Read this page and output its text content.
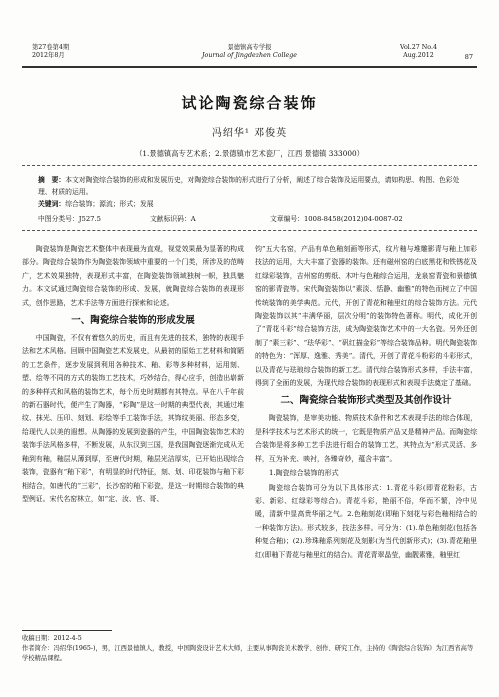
第27卷第4期
2012年8月
景德镇高专学报
Journal of Jingdezhen College
Vol.27 No.4
Aug.2012	87
试论陶瓷综合装饰
冯绍华¹ 邓俊英
（1.景德镇高专艺术系；2.景德镇市艺术瓷厂，江西 景德镇 333000）
摘　要：本文对陶瓷综合装饰的形成和发展历史，对陶瓷综合装饰的形式进行了分析，阐述了综合装饰及运用要点，请如构思、构图、色彩处理、材质的运用。
关键词：综合装饰；源流；形式；发展
中图分类号：J527.5	文献标识码：A	文章编号：1008-8458(2012)04-0087-02

陶瓷装饰是陶瓷艺术整体中表现最为直观，视觉效果最为显著的构成部分。陶瓷综合装饰作为陶瓷装饰领域中重要的一个门类，所涉及的范畴广，艺术效果独特，表现形式丰富，在陶瓷装饰领域独树一帜，独具魅力。本文试通过陶瓷综合装饰的形成、发展，就陶瓷综合装饰的表现形式，创作思路，艺术手法等方面进行探索和论述。

一、陶瓷综合装饰的形成发展

中国陶瓷，不仅有着悠久的历史，而且有先进的技术，独特的表现手法和艺术风格。回顾中国陶瓷艺术发展史，从最初的原始工艺材料和简陋的工艺条件，逐步发展到利用各种技术、釉、彩等多种材料，运用刻、塑、绘等不同的方式的装饰工艺技术，巧妙结合，得心应手，创造出崭新的多种样式和风格的装饰艺术，每个历史时期都有其特点。早在八千年前的新石器时代，便产生了陶器，“彩陶”是这一时期的典型代表，其通过堆纹、抹光、压印、刻划、彩绘等手工装饰手法，其饰纹美丽、形态多变，给现代人以美的遐想。从陶器的发展到瓷器的产生，中国陶瓷装饰艺术的装饰手法风格多样，不断发展，从东汉到三国，是我国陶瓷逐渐完成从无釉到有釉，釉层从薄到厚，至唐代时期，釉层光洁厚实，已开始出现综合装饰，瓷器有“釉下彩”，有明显的时代特征，刻、划、印花装饰与釉下彩相结合，如唐代的“三彩”，长沙窑的釉下彩瓷，是这一时期综合装饰的典型例证。宋代名窑林立，如“定、汝、官、哥、

钧”五大名窑，产品有单色釉刻画等形式，纹片釉与堆雕影青与釉上加彩技法的运用，大大丰富了瓷器的装饰。还有磁州窑的白底黑花和铁锈花及红绿彩装饰，吉州窑的剪纸、木叶与色釉综合运用，龙泉窑青瓷和景德镇窑的影青瓷等。宋代陶瓷装饰以“素淡、恬静、幽雅”的特色而树立了中国传统装饰的美学典范。元代，开创了青花和釉里红的综合装饰方法。元代陶瓷装饰以其“丰满华丽，层次分明”的装饰特色著称。明代，成化开创了“青花斗彩”综合装饰方法，成为陶瓷装饰艺术中的一大名瓷。另外还创制了“素三彩”、“珐华彩”、“矾红描金彩”等综合装饰品种。明代陶瓷装饰的特色为：“浑厚、逸雅、秀美”。清代，开创了青花斗粉彩的斗彩形式，以及青花与珐琅综合装饰的新工艺。清代综合装饰形式多样，手法丰富，得到了全面的发展，为现代综合装饰的表现形式和表现手法奠定了基础。

二、陶瓷综合装饰形式类型及其创作设计

陶瓷装饰，是审美功能、物质技术条件和艺术表现手法的综合体现，是科学技术与艺术形式的统一，它既是物质产品又是精神产品。而陶瓷综合装饰是将多种工艺手法进行组合的装饰工艺，其特点为“形式灵活、多样，互为补充、映衬，各臻奇妙，蕴含丰富”。

1.陶瓷综合装饰的形式

陶瓷综合装饰可分为以下具体形式：1.青花斗彩(即青花粉彩，古彩、新彩、红绿彩等综合)。青花斗彩，艳丽不俗，华而不繁，冷中见暖，清新中显高贵华丽之气。2.色釉刻花(即釉下刻花与彩色釉相结合的一种装饰方法)。形式较多，技法多样。可分为：(1).单色釉刻花(包括各种复合釉)；(2).珍珠釉系列刻花及刻影(为当代创新形式)；(3).青花釉里红(即釉下青花与釉里红的结合)。青花青翠晶莹，幽靓素雅，釉里红

收稿日期：2012-4-5
作者简介：冯绍华(1965-)，男，江西景德镇人，教授，中国陶瓷设计艺术大师，主要从事陶瓷美术教学、创作、研究工作，主持的《陶瓷综合装饰》为江西省高等学校精品课程。
